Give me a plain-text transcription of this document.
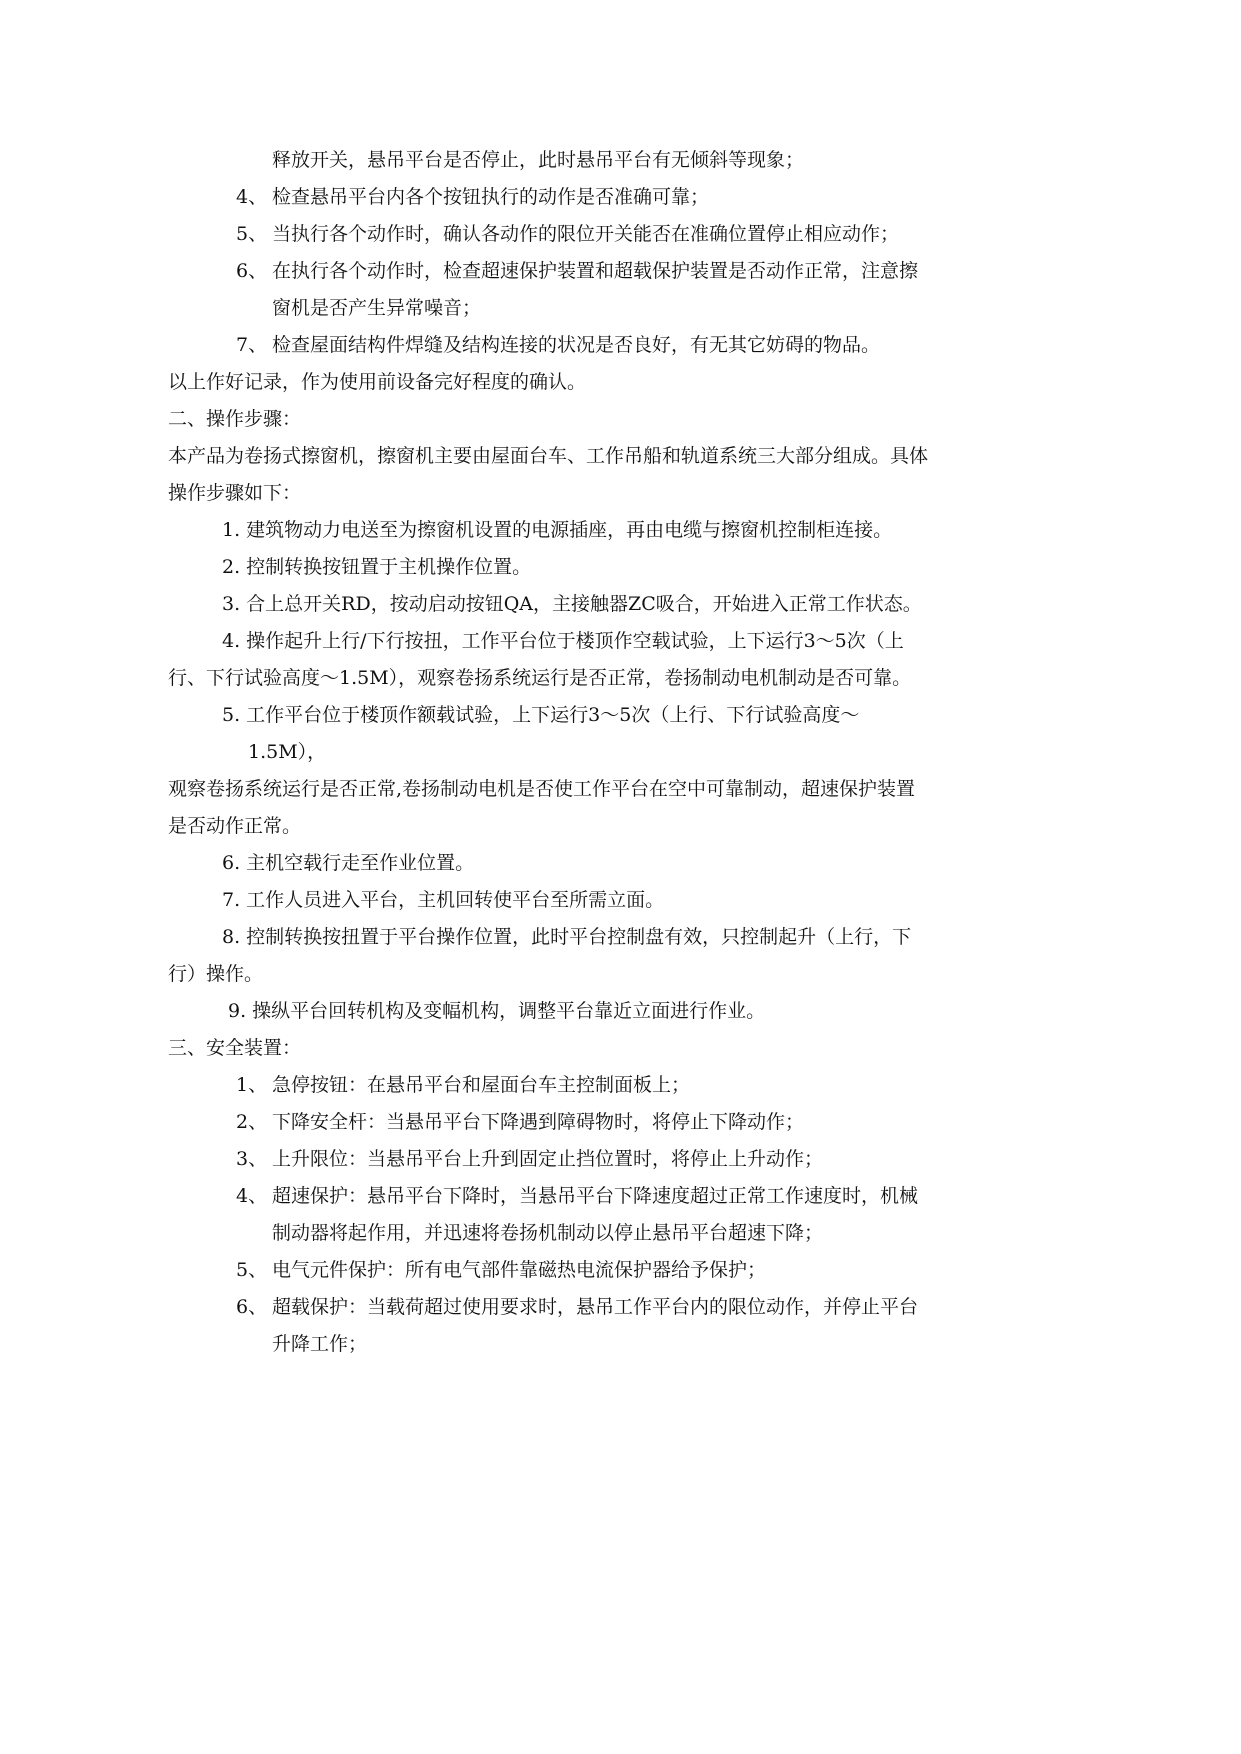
释放开关，悬吊平台是否停止，此时悬吊平台有无倾斜等现象；
4、 检查悬吊平台内各个按钮执行的动作是否准确可靠；
5、 当执行各个动作时，确认各动作的限位开关能否在准确位置停止相应动作；
6、 在执行各个动作时，检查超速保护装置和超载保护装置是否动作正常，注意擦
窗机是否产生异常噪音；
7、 检查屋面结构件焊缝及结构连接的状况是否良好，有无其它妨碍的物品。
以上作好记录，作为使用前设备完好程度的确认。
二、操作步骤：
本产品为卷扬式擦窗机，擦窗机主要由屋面台车、工作吊船和轨道系统三大部分组成。具体
操作步骤如下：
1. 建筑物动力电送至为擦窗机设置的电源插座，再由电缆与擦窗机控制柜连接。
2. 控制转换按钮置于主机操作位置。
3. 合上总开关RD，按动启动按钮QA，主接触器ZC吸合，开始进入正常工作状态。
4. 操作起升上行/下行按扭，工作平台位于楼顶作空载试验，上下运行3～5次（上
行、下行试验高度～1.5M），观察卷扬系统运行是否正常，卷扬制动电机制动是否可靠。
5. 工作平台位于楼顶作额载试验，上下运行3～5次（上行、下行试验高度～
1.5M），
观察卷扬系统运行是否正常,卷扬制动电机是否使工作平台在空中可靠制动，超速保护装置
是否动作正常。
6. 主机空载行走至作业位置。
7. 工作人员进入平台，主机回转使平台至所需立面。
8. 控制转换按扭置于平台操作位置，此时平台控制盘有效，只控制起升（上行，下
行）操作。
9. 操纵平台回转机构及变幅机构，调整平台靠近立面进行作业。
三、安全装置：
1、 急停按钮：在悬吊平台和屋面台车主控制面板上；
2、 下降安全杆：当悬吊平台下降遇到障碍物时，将停止下降动作；
3、 上升限位：当悬吊平台上升到固定止挡位置时，将停止上升动作；
4、 超速保护：悬吊平台下降时，当悬吊平台下降速度超过正常工作速度时，机械
制动器将起作用，并迅速将卷扬机制动以停止悬吊平台超速下降；
5、 电气元件保护：所有电气部件靠磁热电流保护器给予保护；
6、 超载保护：当载荷超过使用要求时，悬吊工作平台内的限位动作，并停止平台
升降工作；
